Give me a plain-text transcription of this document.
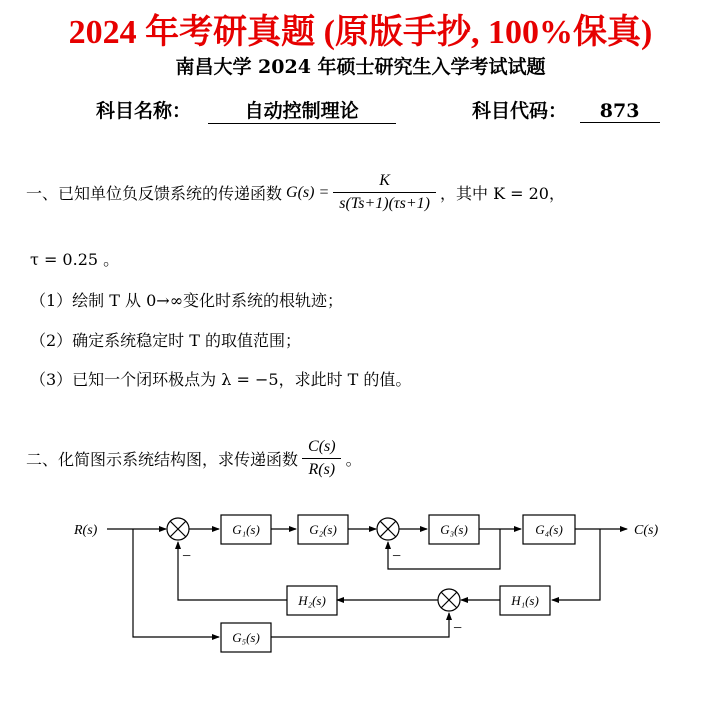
2024 年考研真题 (原版手抄, 100%保真)
南昌大学 2024 年硕士研究生入学考试试题
科目名称：	自动控制理论	科目代码： 873
一、已知单位负反馈系统的传递函数 $G(s) = \frac{K}{s(Ts+1)(\tau s+1)}$ ，其中 K = 20，
τ = 0.25 。
（1）绘制 T 从 0→∞变化时系统的根轨迹；
（2）确定系统稳定时 T 的取值范围；
（3）已知一个闭环极点为 λ = −5，求此时 T 的值。
二、化简图示系统结构图，求传递函数 $\frac{C(s)}{R(s)}$ 。
R(s)	C(s)
G₁(s)	G₂(s)	G₃(s)	G₄(s)
H₁(s)
H₂(s)
G₅(s)
−	−
−
